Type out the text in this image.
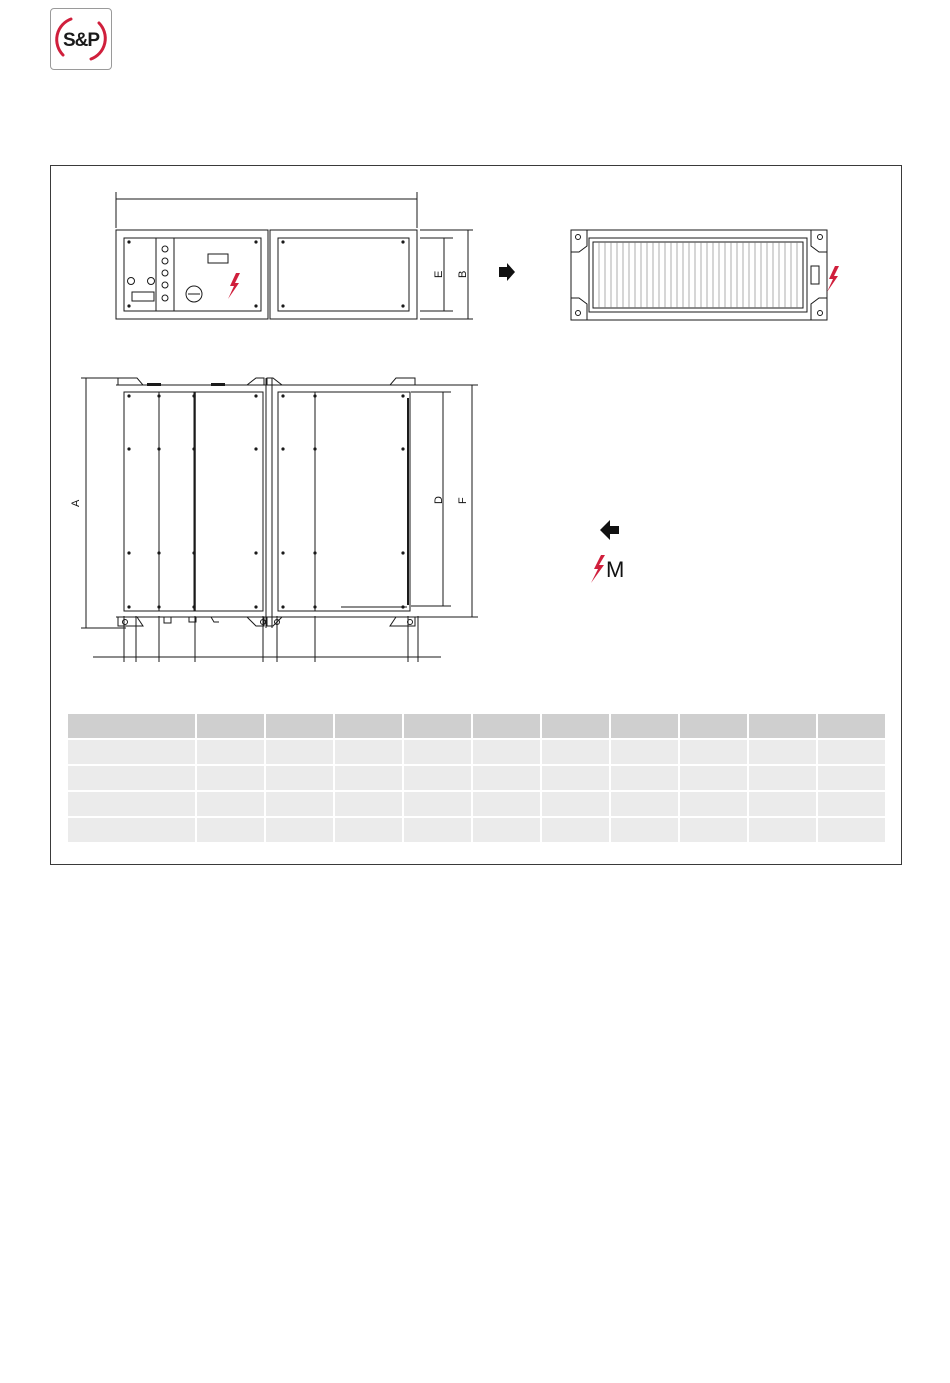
S&P
E B
A	D F
M
